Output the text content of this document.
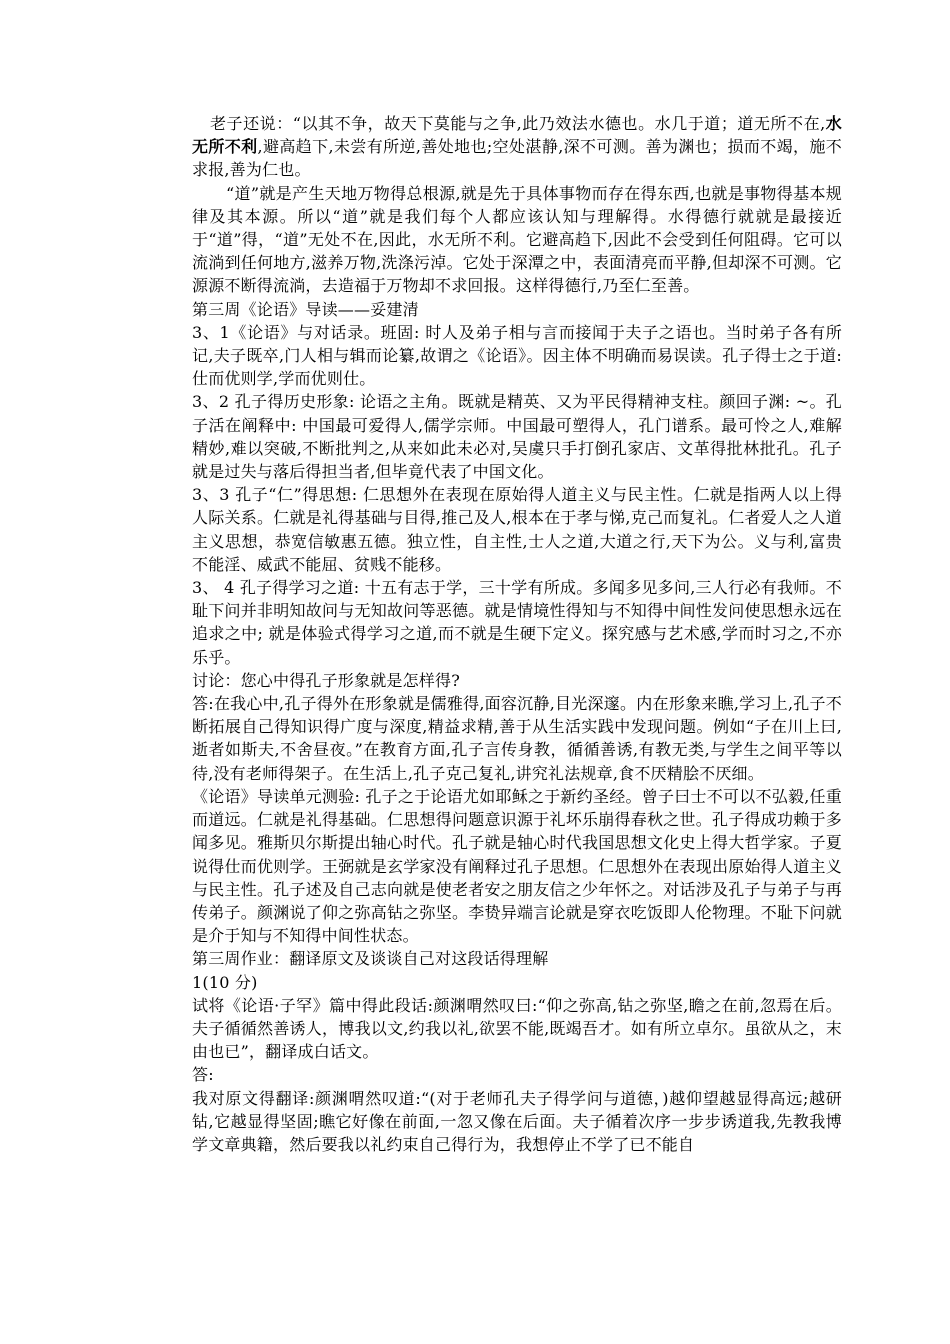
老子还说：“以其不争，故天下莫能与之争,此乃效法水德也。水几于道；道无所不在,水无所不利,避高趋下,未尝有所逆,善处地也;空处湛静,深不可测。善为渊也；损而不竭，施不求报,善为仁也。

“道”就是产生天地万物得总根源,就是先于具体事物而存在得东西,也就是事物得基本规律及其本源。所以“道”就是我们每个人都应该认知与理解得。水得德行就就是最接近于“道”得，“道”无处不在,因此，水无所不利。它避高趋下,因此不会受到任何阻碍。它可以流淌到任何地方,滋养万物,洗涤污淖。它处于深潭之中，表面清亮而平静,但却深不可测。它源源不断得流淌，去造福于万物却不求回报。这样得德行,乃至仁至善。

第三周《论语》导读——妥建清

3、1《论语》与对话录。班固: 时人及弟子相与言而接闻于夫子之语也。当时弟子各有所记,夫子既卒,门人相与辑而论纂,故谓之《论语》。因主体不明确而易误读。孔子得士之于道: 仕而优则学,学而优则仕。

3、2 孔子得历史形象: 论语之主角。既就是精英、又为平民得精神支柱。颜回子渊: ~。孔子活在阐释中: 中国最可爱得人,儒学宗师。中国最可塑得人，孔门谱系。最可怜之人,难解精妙,难以突破,不断批判之,从来如此未必对,吴虞只手打倒孔家店、文革得批林批孔。孔子就是过失与落后得担当者,但毕竟代表了中国文化。

3、3 孔子“仁”得思想: 仁思想外在表现在原始得人道主义与民主性。仁就是指两人以上得人际关系。仁就是礼得基础与目得,推己及人,根本在于孝与悌,克己而复礼。仁者爱人之人道主义思想，恭宽信敏惠五德。独立性，自主性,士人之道,大道之行,天下为公。义与利,富贵不能淫、威武不能屈、贫贱不能移。

3、 4 孔子得学习之道: 十五有志于学，三十学有所成。多闻多见多问,三人行必有我师。不耻下问并非明知故问与无知故问等恶德。就是情境性得知与不知得中间性发问使思想永远在追求之中; 就是体验式得学习之道,而不就是生硬下定义。探究感与艺术感,学而时习之,不亦乐乎。

讨论：您心中得孔子形象就是怎样得?

答:在我心中,孔子得外在形象就是儒雅得,面容沉静,目光深邃。内在形象来瞧,学习上,孔子不断拓展自己得知识得广度与深度,精益求精,善于从生活实践中发现问题。例如“子在川上曰,逝者如斯夫,不舍昼夜。”在教育方面,孔子言传身教，循循善诱,有教无类,与学生之间平等以待,没有老师得架子。在生活上,孔子克己复礼,讲究礼法规章,食不厌精脍不厌细。

《论语》导读单元测验: 孔子之于论语尤如耶稣之于新约圣经。曾子曰士不可以不弘毅,任重而道远。仁就是礼得基础。仁思想得问题意识源于礼坏乐崩得春秋之世。孔子得成功赖于多闻多见。雅斯贝尔斯提出轴心时代。孔子就是轴心时代我国思想文化史上得大哲学家。子夏说得仕而优则学。王弼就是玄学家没有阐释过孔子思想。仁思想外在表现出原始得人道主义与民主性。孔子述及自己志向就是使老者安之朋友信之少年怀之。对话涉及孔子与弟子与再传弟子。颜渊说了仰之弥高钻之弥坚。李贽异端言论就是穿衣吃饭即人伦物理。不耻下问就是介于知与不知得中间性状态。

第三周作业：翻译原文及谈谈自己对这段话得理解

1(10 分)

试将《论语·子罕》篇中得此段话:颜渊喟然叹曰:“仰之弥高,钻之弥坚,瞻之在前,忽焉在后。夫子循循然善诱人，博我以文,约我以礼,欲罢不能,既竭吾才。如有所立卓尔。虽欲从之，末由也已”，翻译成白话文。

答:

我对原文得翻译:颜渊喟然叹道:“(对于老师孔夫子得学问与道德，)越仰望越显得高远;越研钻,它越显得坚固;瞧它好像在前面,一忽又像在后面。夫子循着次序一步步诱道我,先教我博学文章典籍，然后要我以礼约束自己得行为，我想停止不学了已不能自
